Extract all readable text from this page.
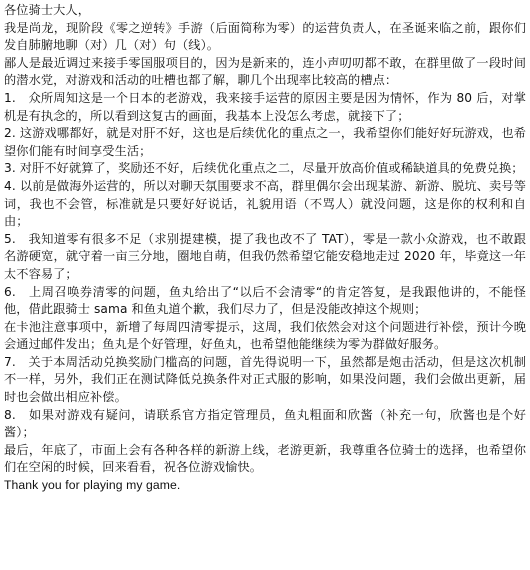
各位骑士大人，

我是尚龙，现阶段《零之逆转》手游（后面简称为零）的运营负责人，在圣诞来临之前，跟你们发自肺腑地聊（对）几（对）句（线）。

鄙人是最近调过来接手零国服项目的，因为是新来的，连小声叨叨都不敢，在群里做了一段时间的潜水党，对游戏和活动的吐槽也都了解，聊几个出现率比较高的槽点：

1.　众所周知这是一个日本的老游戏，我来接手运营的原因主要是因为情怀，作为 80 后，对掌机是有执念的，所以看到这复古的画面，我基本上没怎么考虑，就接下了；

2. 这游戏哪都好，就是对肝不好，这也是后续优化的重点之一，我希望你们能好好玩游戏，也希望你们能有时间享受生活；

3. 对肝不好就算了，奖励还不好，后续优化重点之二，尽量开放高价值或稀缺道具的免费兑换；

4. 以前是做海外运营的，所以对聊天氛围要求不高，群里偶尔会出现某游、新游、脱坑、卖号等词，我也不会管，标准就是只要好好说话，礼貌用语（不骂人）就没问题，这是你的权利和自由；

5.　我知道零有很多不足（求别提建模，提了我也改不了 TAT），零是一款小众游戏，也不敢跟名游硬宽，就守着一亩三分地，圈地自萌，但我仍然希望它能安稳地走过 2020 年，毕竟这一年太不容易了；

6.　上周召唤券清零的问题，鱼丸给出了“以后不会清零“的肯定答复，是我跟他讲的，不能怪他，借此跟骑士 sama 和鱼丸道个歉，我们尽力了，但是没能改掉这个规则；

在卡池注意事项中，新增了每周四清零提示，这周，我们依然会对这个问题进行补偿，预计今晚会通过邮件发出；鱼丸是个好管理，好鱼丸，也希望他能继续为零为群做好服务。

7.　关于本周活动兑换奖励门槛高的问题，首先得说明一下，虽然都是炮击活动，但是这次机制不一样，另外，我们正在测试降低兑换条件对正式服的影响，如果没问题，我们会做出更新，届时也会做出相应补偿。

8.　如果对游戏有疑问，请联系官方指定管理员，鱼丸粗面和欣酱（补充一句，欣酱也是个好酱）；

最后，年底了，市面上会有各种各样的新游上线，老游更新，我尊重各位骑士的选择，也希望你们在空闲的时候，回来看看，祝各位游戏愉快。

Thank you for playing my game.
